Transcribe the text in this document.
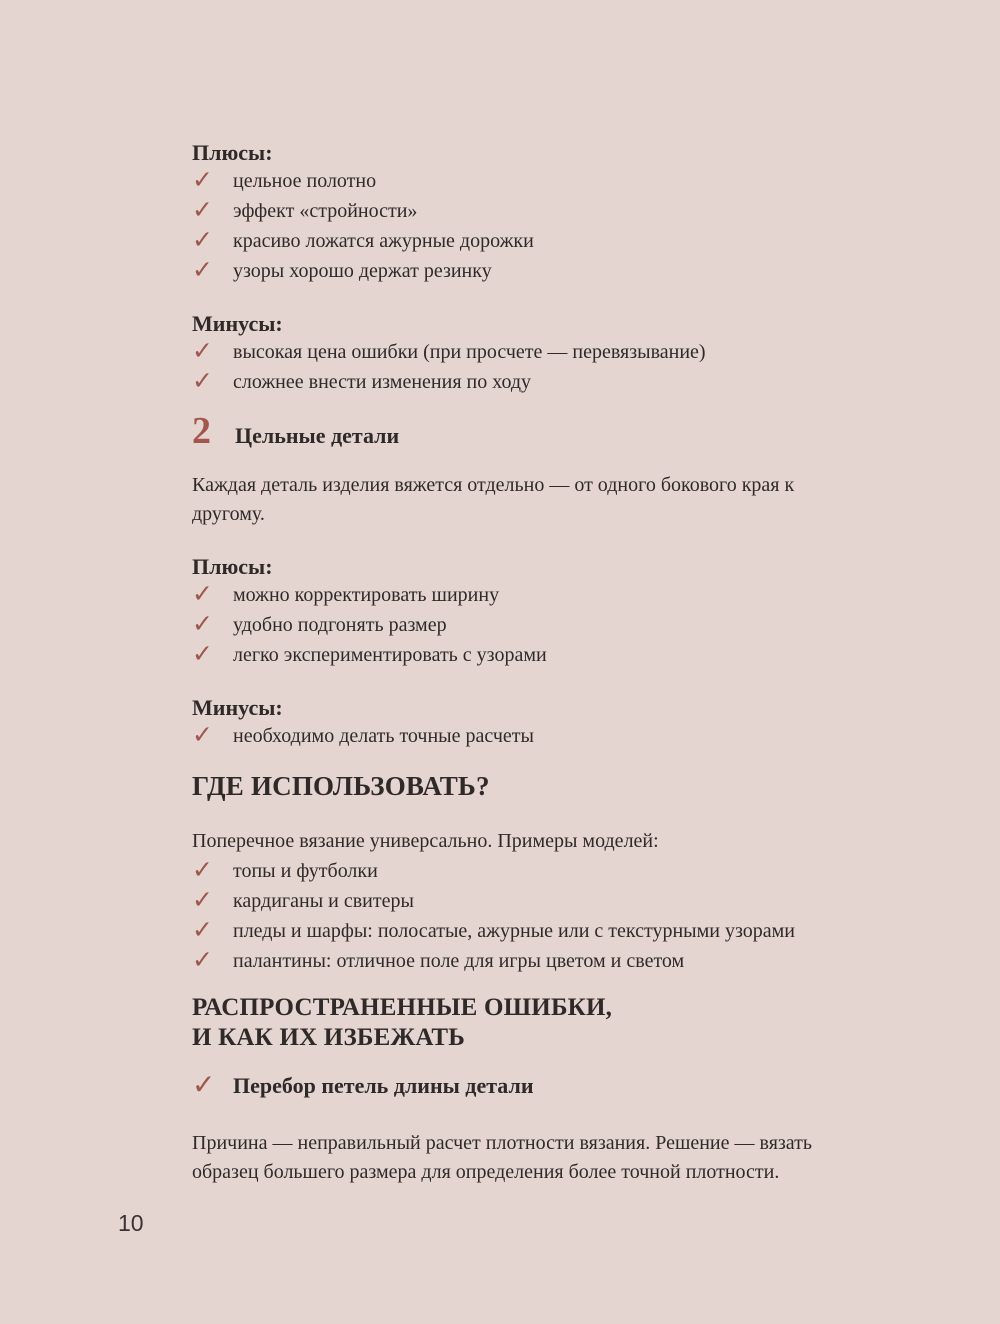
Плюсы:
✓	цельное полотно
✓	эффект «стройности»
✓	красиво ложатся ажурные дорожки
✓	узоры хорошо держат резинку
Минусы:
✓	высокая цена ошибки (при просчете — перевязывание)
✓	сложнее внести изменения по ходу
2	Цельные детали

Каждая деталь изделия вяжется отдельно — от одного бокового края к другому.

Плюсы:
✓	можно корректировать ширину
✓	удобно подгонять размер
✓	легко экспериментировать с узорами
Минусы:
✓	необходимо делать точные расчеты
ГДЕ ИСПОЛЬЗОВАТЬ?

Поперечное вязание универсально. Примеры моделей:

✓	топы и футболки
✓	кардиганы и свитеры
✓	пледы и шарфы: полосатые, ажурные или с текстурными узорами
✓	палантины: отличное поле для игры цветом и светом
РАСПРОСТРАНЕННЫЕ ОШИБКИ,
И КАК ИХ ИЗБЕЖАТЬ
✓ Перебор петель длины детали

Причина — неправильный расчет плотности вязания. Решение — вязать образец большего размера для определения более точной плотности.

10
